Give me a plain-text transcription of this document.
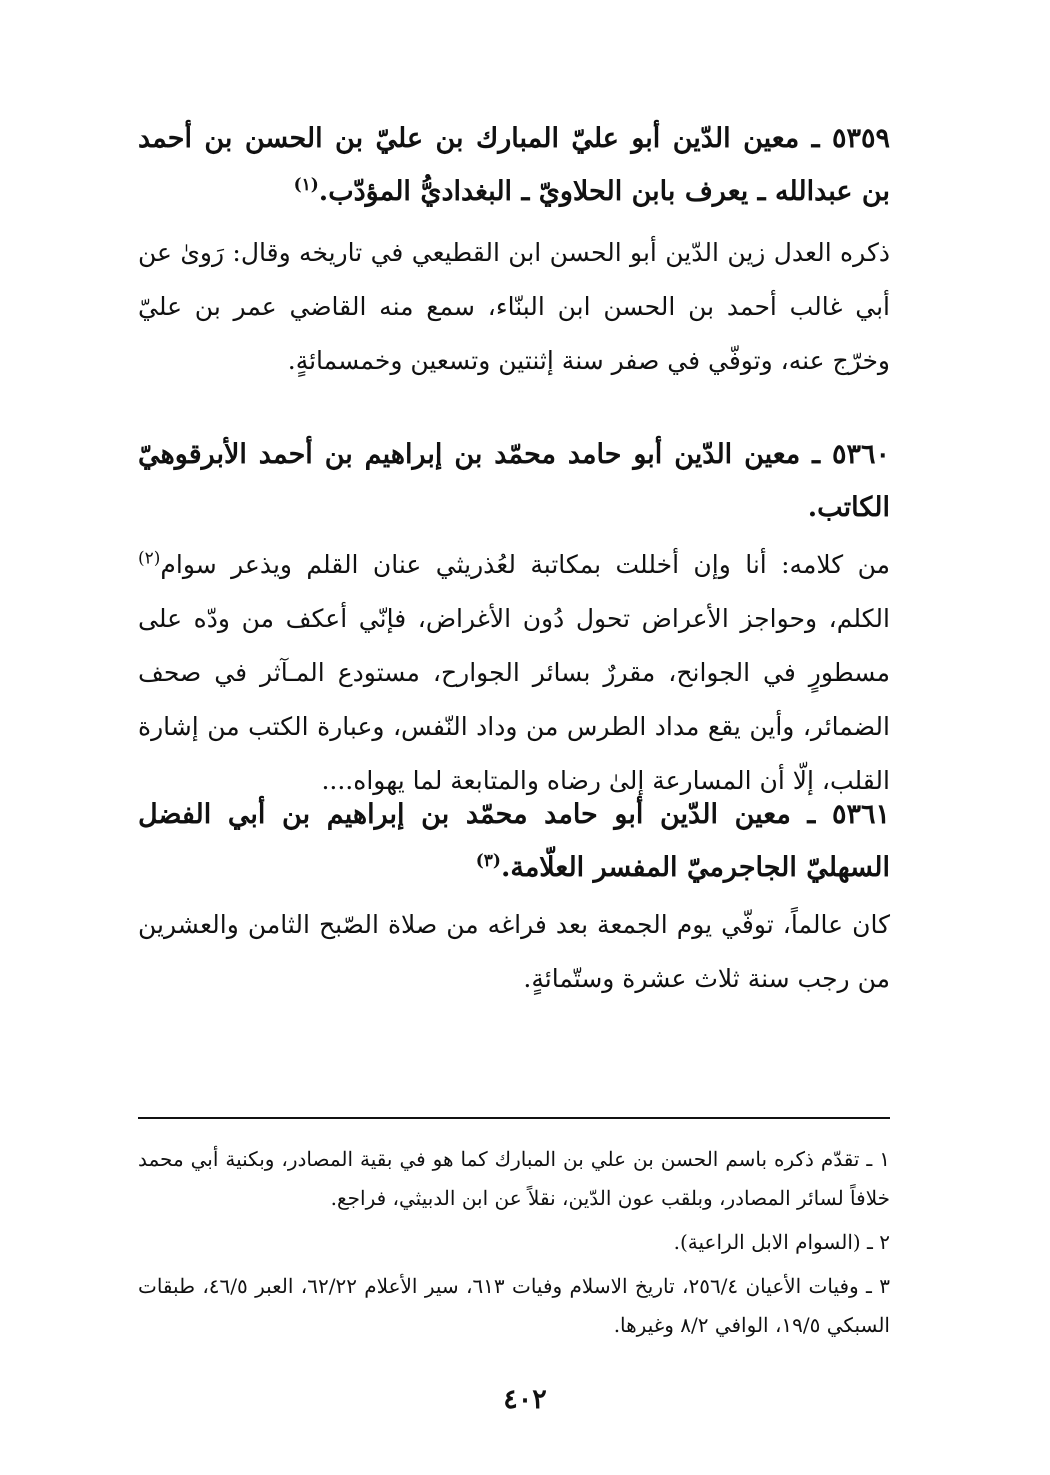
٥٣٥٩ ـ معين الدّين أبو عليّ المبارك بن عليّ بن الحسن بن أحمد بن عبدالله ـ يعرف بابن الحلاويّ ـ البغداديُّ المؤدّب.$^{(١)}$

ذكره العدل زين الدّين أبو الحسن ابن القطيعي في تاريخه وقال: رَوىٰ عن أبي غالب أحمد بن الحسن ابن البنّاء، سمع منه القاضي عمر بن عليّ وخرّج عنه، وتوفّي في صفر سنة إثنتين وتسعين وخمسمائةٍ.

٥٣٦٠ ـ معين الدّين أبو حامد محمّد بن إبراهيم بن أحمد الأبرقوهيّ الكاتب.

من كلامه: أنا وإن أخللت بمكاتبة لعُذريثي عنان القلم ويذعر سوام$^{(٢)}$ الكلم، وحواجز الأعراض تحول دُون الأغراض، فإنّي أعكف من ودّه على مسطورٍ في الجوانح، مقررٌ بسائر الجوارح، مستودع المـآثر في صحف الضمائر، وأين يقع مداد الطرس من وداد النّفس، وعبارة الكتب من إشارة القلب، إلّا أن المسارعة إلىٰ رضاه والمتابعة لما يهواه....

٥٣٦١ ـ معين الدّين أبو حامد محمّد بن إبراهيم بن أبي الفضل السهليّ الجاجرميّ المفسر العلّامة.$^{(٣)}$

كان عالماً، توفّي يوم الجمعة بعد فراغه من صلاة الصّبح الثامن والعشرين من رجب سنة ثلاث عشرة وستّمائةٍ.

١ ـ تقدّم ذكره باسم الحسن بن علي بن المبارك كما هو في بقية المصادر، وبكنية أبي محمد خلافاً لسائر المصادر، وبلقب عون الدّين، نقلاً عن ابن الدبيثي، فراجع.

٢ ـ (السوام الابل الراعية).

٣ ـ وفيات الأعيان ٢٥٦/٤، تاريخ الاسلام وفيات ٦١٣، سير الأعلام ٦٢/٢٢، العبر ٤٦/٥، طبقات السبكي ١٩/٥، الوافي ٨/٢ وغيرها.

٤٠٢
